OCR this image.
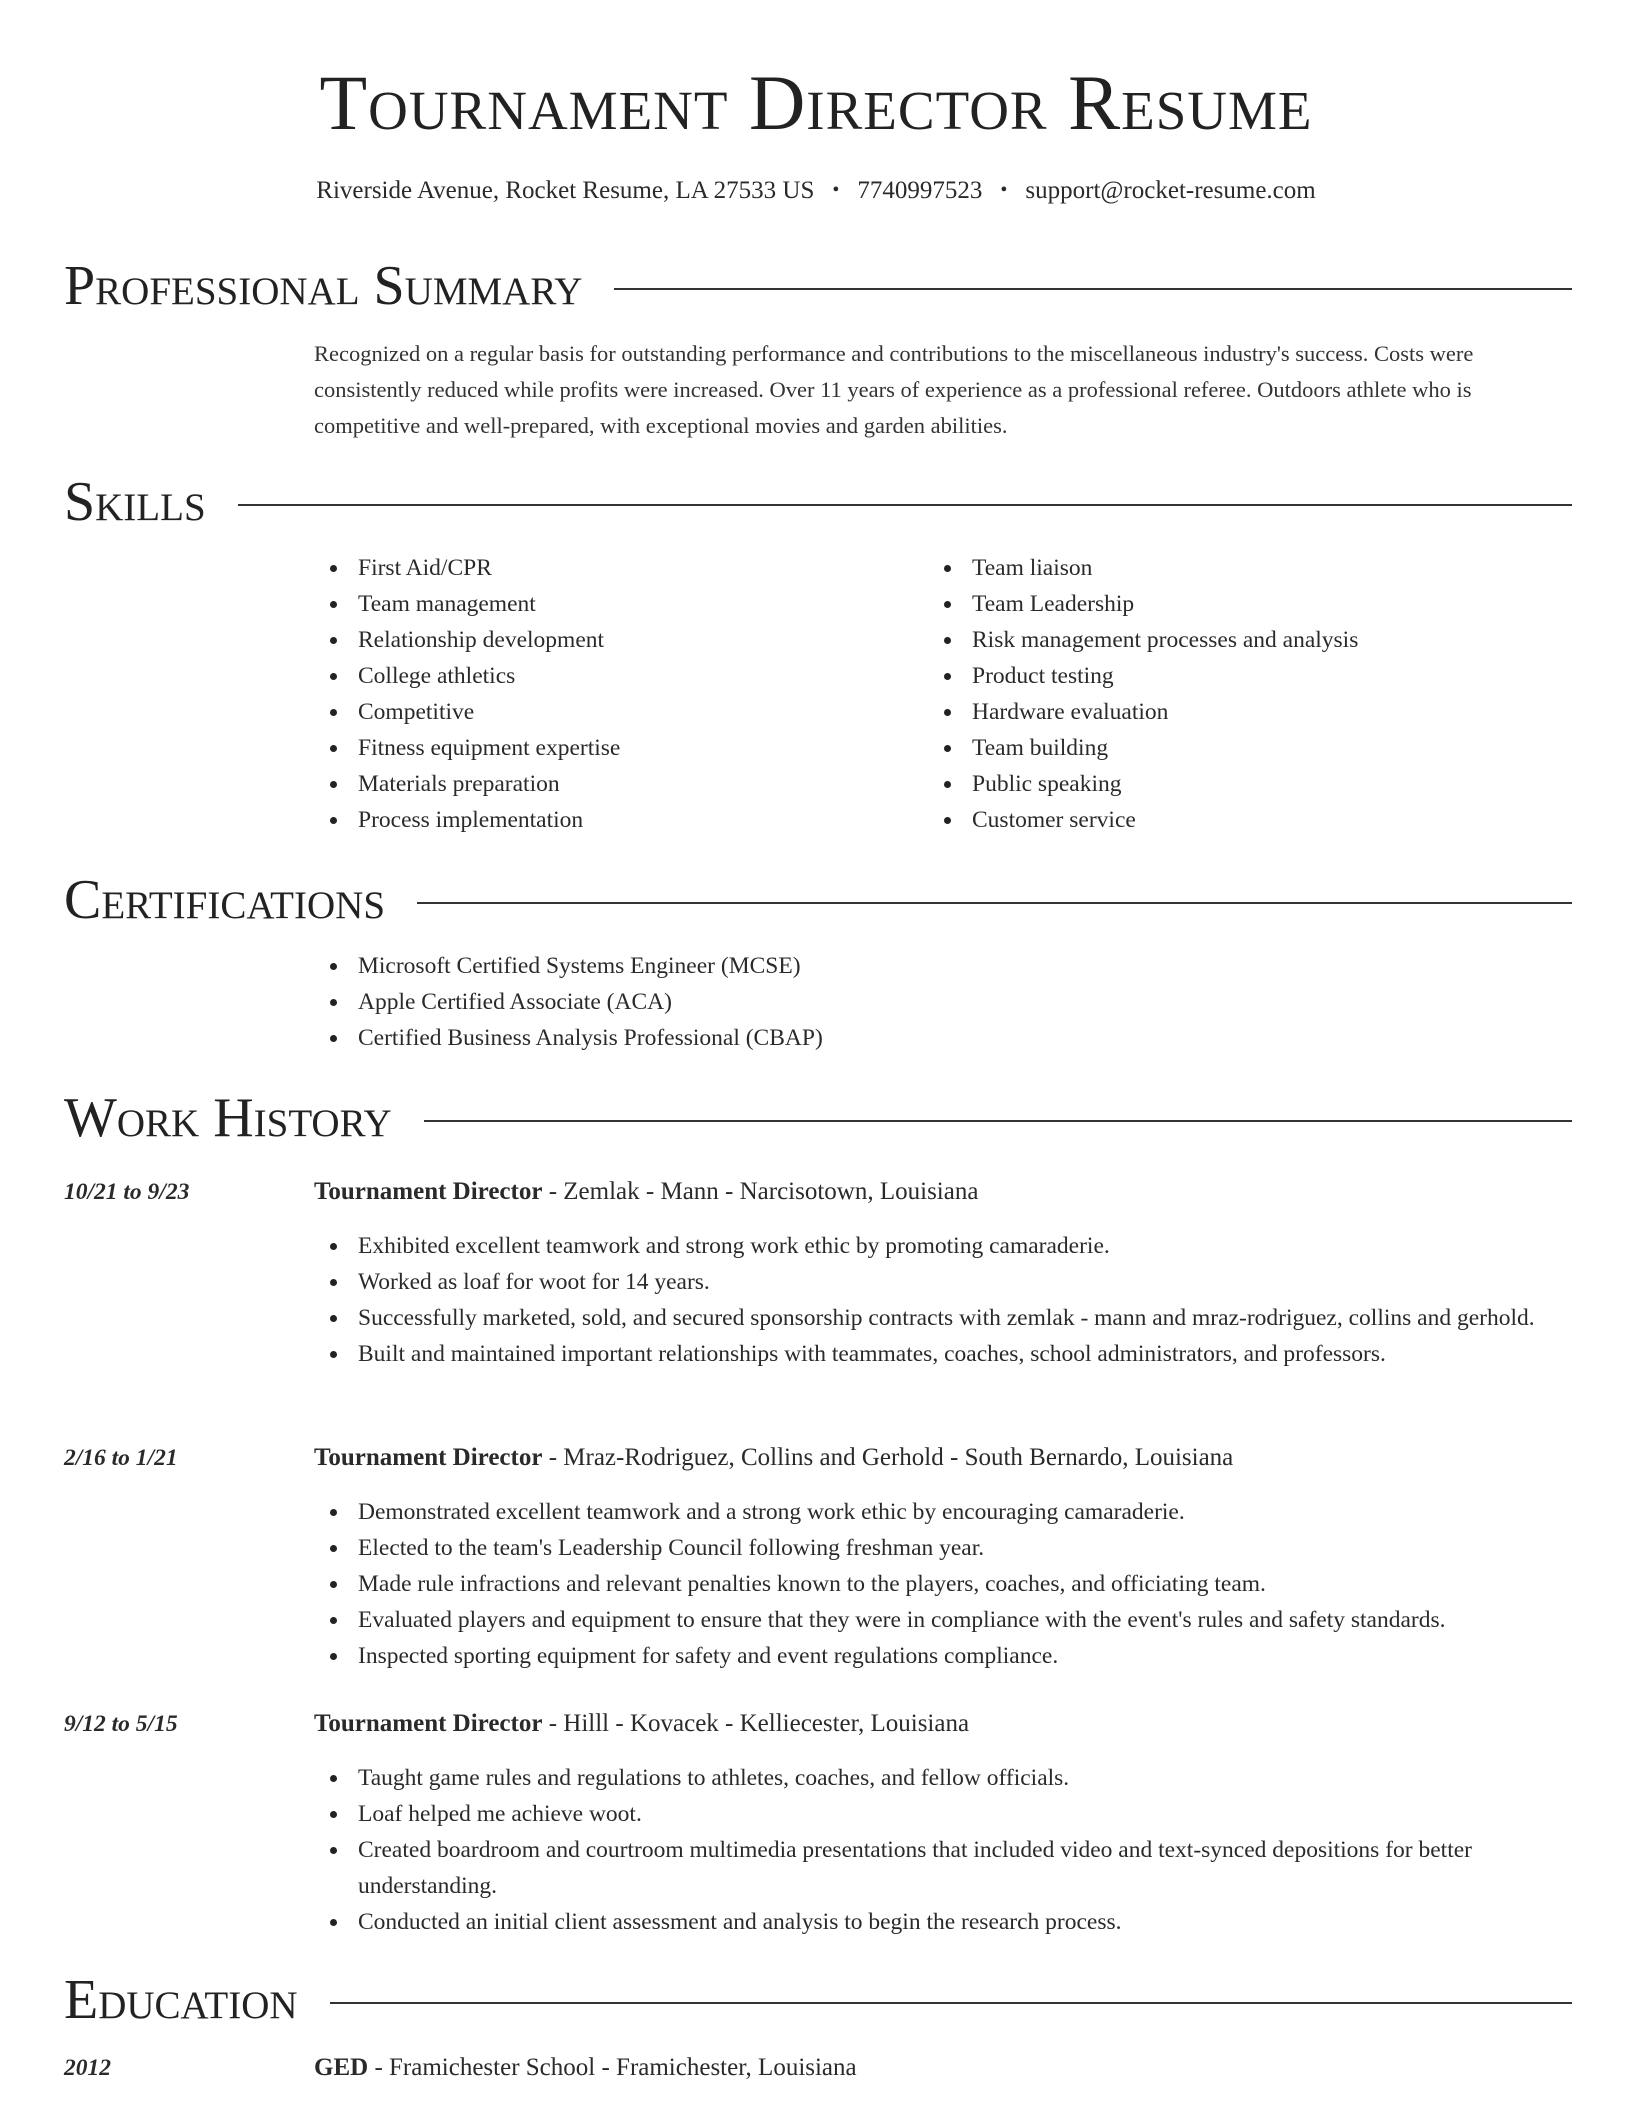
Tournament Director Resume
Riverside Avenue, Rocket Resume, LA 27533 US • 7740997523 • support@rocket-resume.com
Professional Summary
Recognized on a regular basis for outstanding performance and contributions to the miscellaneous industry's success. Costs were consistently reduced while profits were increased. Over 11 years of experience as a professional referee. Outdoors athlete who is competitive and well-prepared, with exceptional movies and garden abilities.
Skills
First Aid/CPR
Team management
Relationship development
College athletics
Competitive
Fitness equipment expertise
Materials preparation
Process implementation
Team liaison
Team Leadership
Risk management processes and analysis
Product testing
Hardware evaluation
Team building
Public speaking
Customer service
Certifications
Microsoft Certified Systems Engineer (MCSE)
Apple Certified Associate (ACA)
Certified Business Analysis Professional (CBAP)
Work History
10/21 to 9/23	Tournament Director - Zemlak - Mann - Narcisotown, Louisiana
Exhibited excellent teamwork and strong work ethic by promoting camaraderie.
Worked as loaf for woot for 14 years.
Successfully marketed, sold, and secured sponsorship contracts with zemlak - mann and mraz-rodriguez, collins and gerhold.
Built and maintained important relationships with teammates, coaches, school administrators, and professors.
2/16 to 1/21	Tournament Director - Mraz-Rodriguez, Collins and Gerhold - South Bernardo, Louisiana
Demonstrated excellent teamwork and a strong work ethic by encouraging camaraderie.
Elected to the team's Leadership Council following freshman year.
Made rule infractions and relevant penalties known to the players, coaches, and officiating team.
Evaluated players and equipment to ensure that they were in compliance with the event's rules and safety standards.
Inspected sporting equipment for safety and event regulations compliance.
9/12 to 5/15	Tournament Director - Hilll - Kovacek - Kelliecester, Louisiana
Taught game rules and regulations to athletes, coaches, and fellow officials.
Loaf helped me achieve woot.
Created boardroom and courtroom multimedia presentations that included video and text-synced depositions for better understanding.
Conducted an initial client assessment and analysis to begin the research process.
Education
2012	GED - Framichester School - Framichester, Louisiana
